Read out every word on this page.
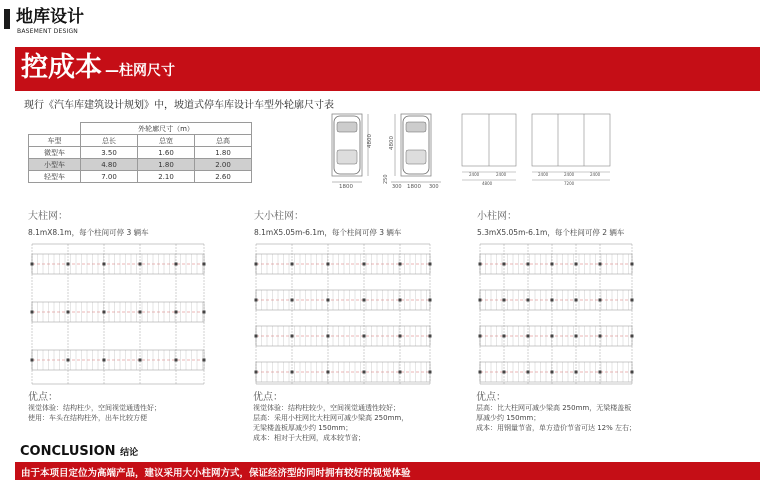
地库设计
BASEMENT DESIGN
控成本 —柱网尺寸
现行《汽车库建筑设计规划》中，坡道式停车库设计车型外轮廓尺寸表
	外轮廓尺寸（m）		
车型	总长	总宽	总高
微型车	3.50	1.60	1.80
小型车	4.80	1.80	2.00
轻型车	7.00	2.10	2.60
4800
1800
4800
250
300 1800 300
2400	2400
4800
2400	2400	2400
7200
大柱网：
8.1mX8.1m，每个柱间可停 3 辆车
大小柱网：
8.1mX5.05m-6.1m，每个柱间可停 3 辆车
小柱网：
5.3mX5.05m-6.1m，每个柱间可停 2 辆车
优点：
视觉体验：结构柱少，空间视觉通透性好；
使用：车头在结构柱外，出车比较方便
优点：
视觉体验：结构柱较少，空间视觉通透性较好；
层高：采用小柱网比大柱网可减少梁高 250mm，
无梁楼盖板厚减少约 150mm；
成本：相对于大柱网，成本较节省；
优点：
层高：比大柱网可减少梁高 250mm，无梁楼盖板
厚减少约 150mm；
成本：用钢量节省，单方造价节省可达 12% 左右；
CONCLUSION 结论
由于本项目定位为高端产品，建议采用大小柱网方式，保证经济型的同时拥有较好的视觉体验
